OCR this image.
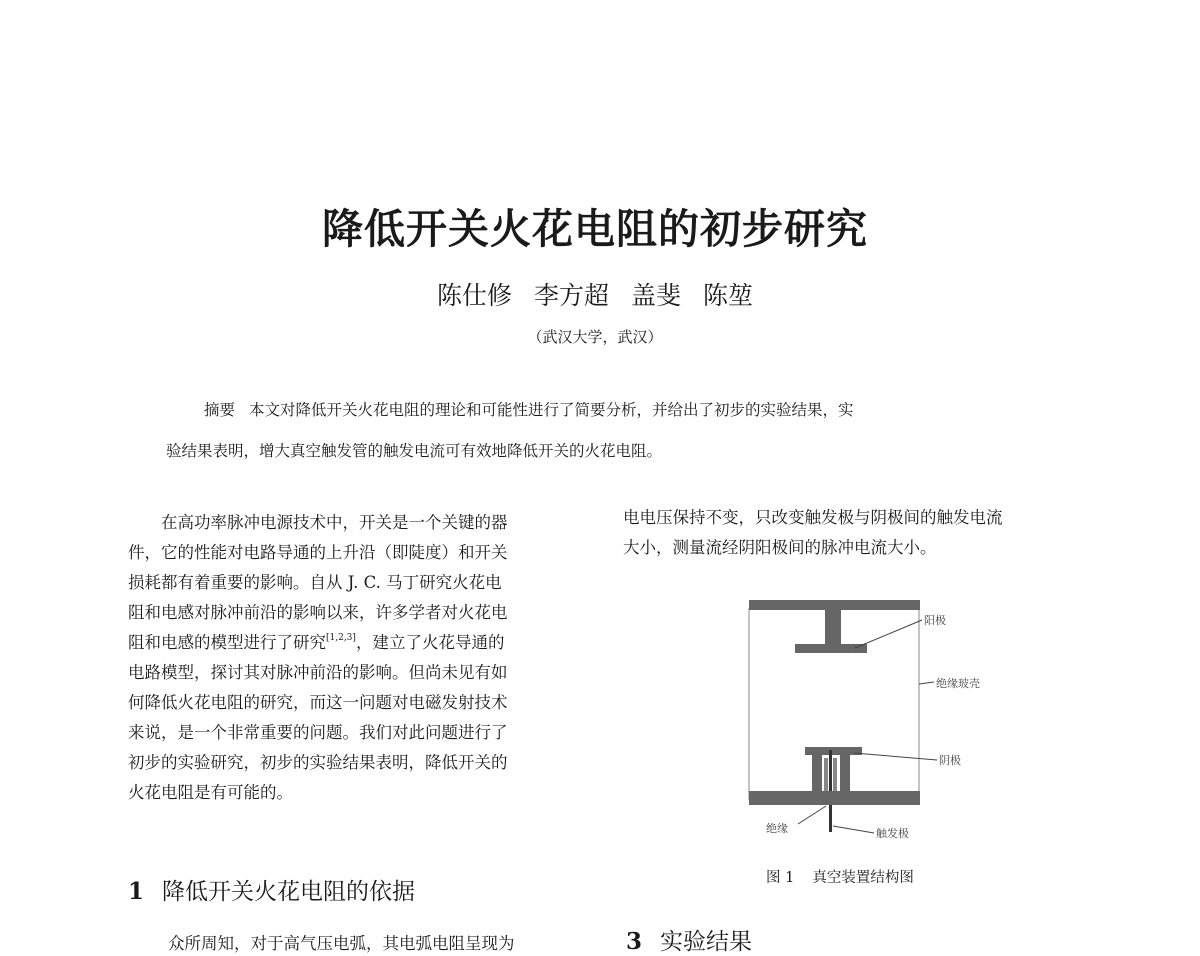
降低开关火花电阻的初步研究
陈仕修 李方超 盖斐 陈堃
（武汉大学，武汉）
摘要 本文对降低开关火花电阻的理论和可能性进行了简要分析，并给出了初步的实验结果，实
验结果表明，增大真空触发管的触发电流可有效地降低开关的火花电阻。

　　在高功率脉冲电源技术中，开关是一个关键的器

件，它的性能对电路导通的上升沿（即陡度）和开关

损耗都有着重要的影响。自从 J. C. 马丁研究火花电

阻和电感对脉冲前沿的影响以来，许多学者对火花电

阻和电感的模型进行了研究[1,2,3]，建立了火花导通的

电路模型，探讨其对脉冲前沿的影响。但尚未见有如

何降低火花电阻的研究，而这一问题对电磁发射技术

来说，是一个非常重要的问题。我们对此问题进行了

初步的实验研究，初步的实验结果表明，降低开关的

火花电阻是有可能的。

1 降低开关火花电阻的依据
众所周知，对于高气压电弧，其电弧电阻呈现为

电电压保持不变，只改变触发极与阴极间的触发电流

大小，测量流经阴阳极间的脉冲电流大小。

阳极
绝缘玻壳
阴极
绝缘	触发极
图 1 真空装置结构图
3 实验结果
